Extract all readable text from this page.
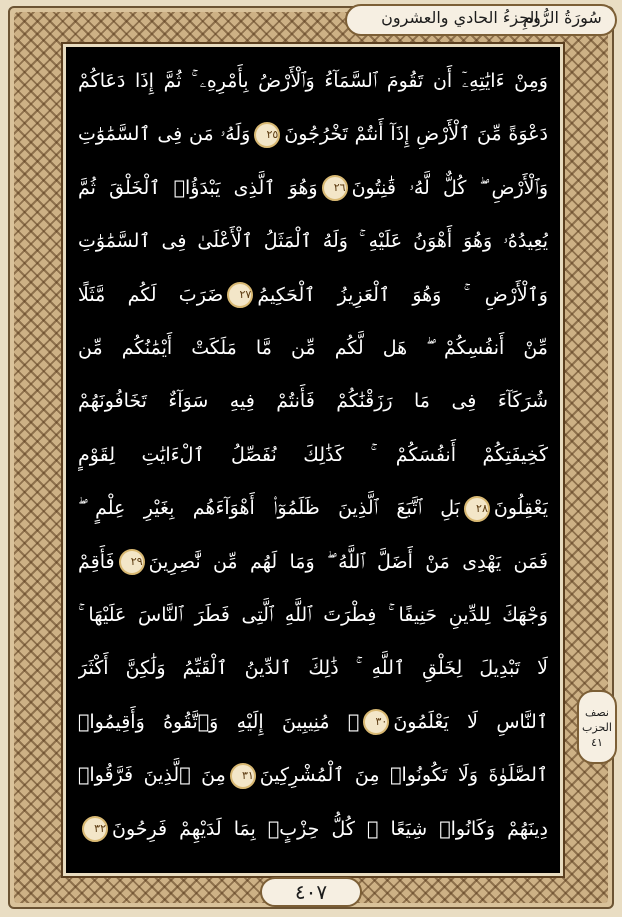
الجزءُ الحادي والعشرون
سُورَةُ الرُّومِ
وَمِنْ ءَايَٰتِهِۦٓ أَن تَقُومَ ٱلسَّمَآءُ وَٱلْأَرْضُ بِأَمْرِهِۦ ۚ ثُمَّ إِذَا دَعَاكُمْ
دَعْوَةً مِّنَ ٱلْأَرْضِ إِذَآ أَنتُمْ تَخْرُجُونَ٢٥وَلَهُۥ مَن فِى ٱلسَّمَٰوَٰتِ
وَٱلْأَرْضِ ۖ كُلٌّ لَّهُۥ قَٰنِتُونَ٢٦وَهُوَ ٱلَّذِى يَبْدَؤُا۟ ٱلْخَلْقَ ثُمَّ
يُعِيدُهُۥ وَهُوَ أَهْوَنُ عَلَيْهِ ۚ وَلَهُ ٱلْمَثَلُ ٱلْأَعْلَىٰ فِى ٱلسَّمَٰوَٰتِ
وَٱلْأَرْضِ ۚ وَهُوَ ٱلْعَزِيزُ ٱلْحَكِيمُ٢٧ضَرَبَ لَكُم مَّثَلًا
مِّنْ أَنفُسِكُمْ ۖ هَل لَّكُم مِّن مَّا مَلَكَتْ أَيْمَٰنُكُم مِّن
شُرَكَآءَ فِى مَا رَزَقْنَٰكُمْ فَأَنتُمْ فِيهِ سَوَآءٌ تَخَافُونَهُمْ
كَخِيفَتِكُمْ أَنفُسَكُمْ ۚ كَذَٰلِكَ نُفَصِّلُ ٱلْءَايَٰتِ لِقَوْمٍ
يَعْقِلُونَ٢٨بَلِ ٱتَّبَعَ ٱلَّذِينَ ظَلَمُوٓا۟ أَهْوَآءَهُم بِغَيْرِ عِلْمٍ ۖ
فَمَن يَهْدِى مَنْ أَضَلَّ ٱللَّهُ ۖ وَمَا لَهُم مِّن نَّٰصِرِينَ٢٩فَأَقِمْ
وَجْهَكَ لِلدِّينِ حَنِيفًا ۚ فِطْرَتَ ٱللَّهِ ٱلَّتِى فَطَرَ ٱلنَّاسَ عَلَيْهَا ۚ
لَا تَبْدِيلَ لِخَلْقِ ٱللَّهِ ۚ ذَٰلِكَ ٱلدِّينُ ٱلْقَيِّمُ وَلَٰكِنَّ أَكْثَرَ
ٱلنَّاسِ لَا يَعْلَمُونَ٣٠۞ مُنِيبِينَ إِلَيْهِ وَٱتَّقُوهُ وَأَقِيمُوا۟
ٱلصَّلَوٰةَ وَلَا تَكُونُوا۟ مِنَ ٱلْمُشْرِكِينَ٣١مِنَ ٱلَّذِينَ فَرَّقُوا۟
دِينَهُمْ وَكَانُوا۟ شِيَعًا ۖ كُلُّ حِزْبٍۭ بِمَا لَدَيْهِمْ فَرِحُونَ٣٢
نصف
الحزب
٤١
٤٠٧
